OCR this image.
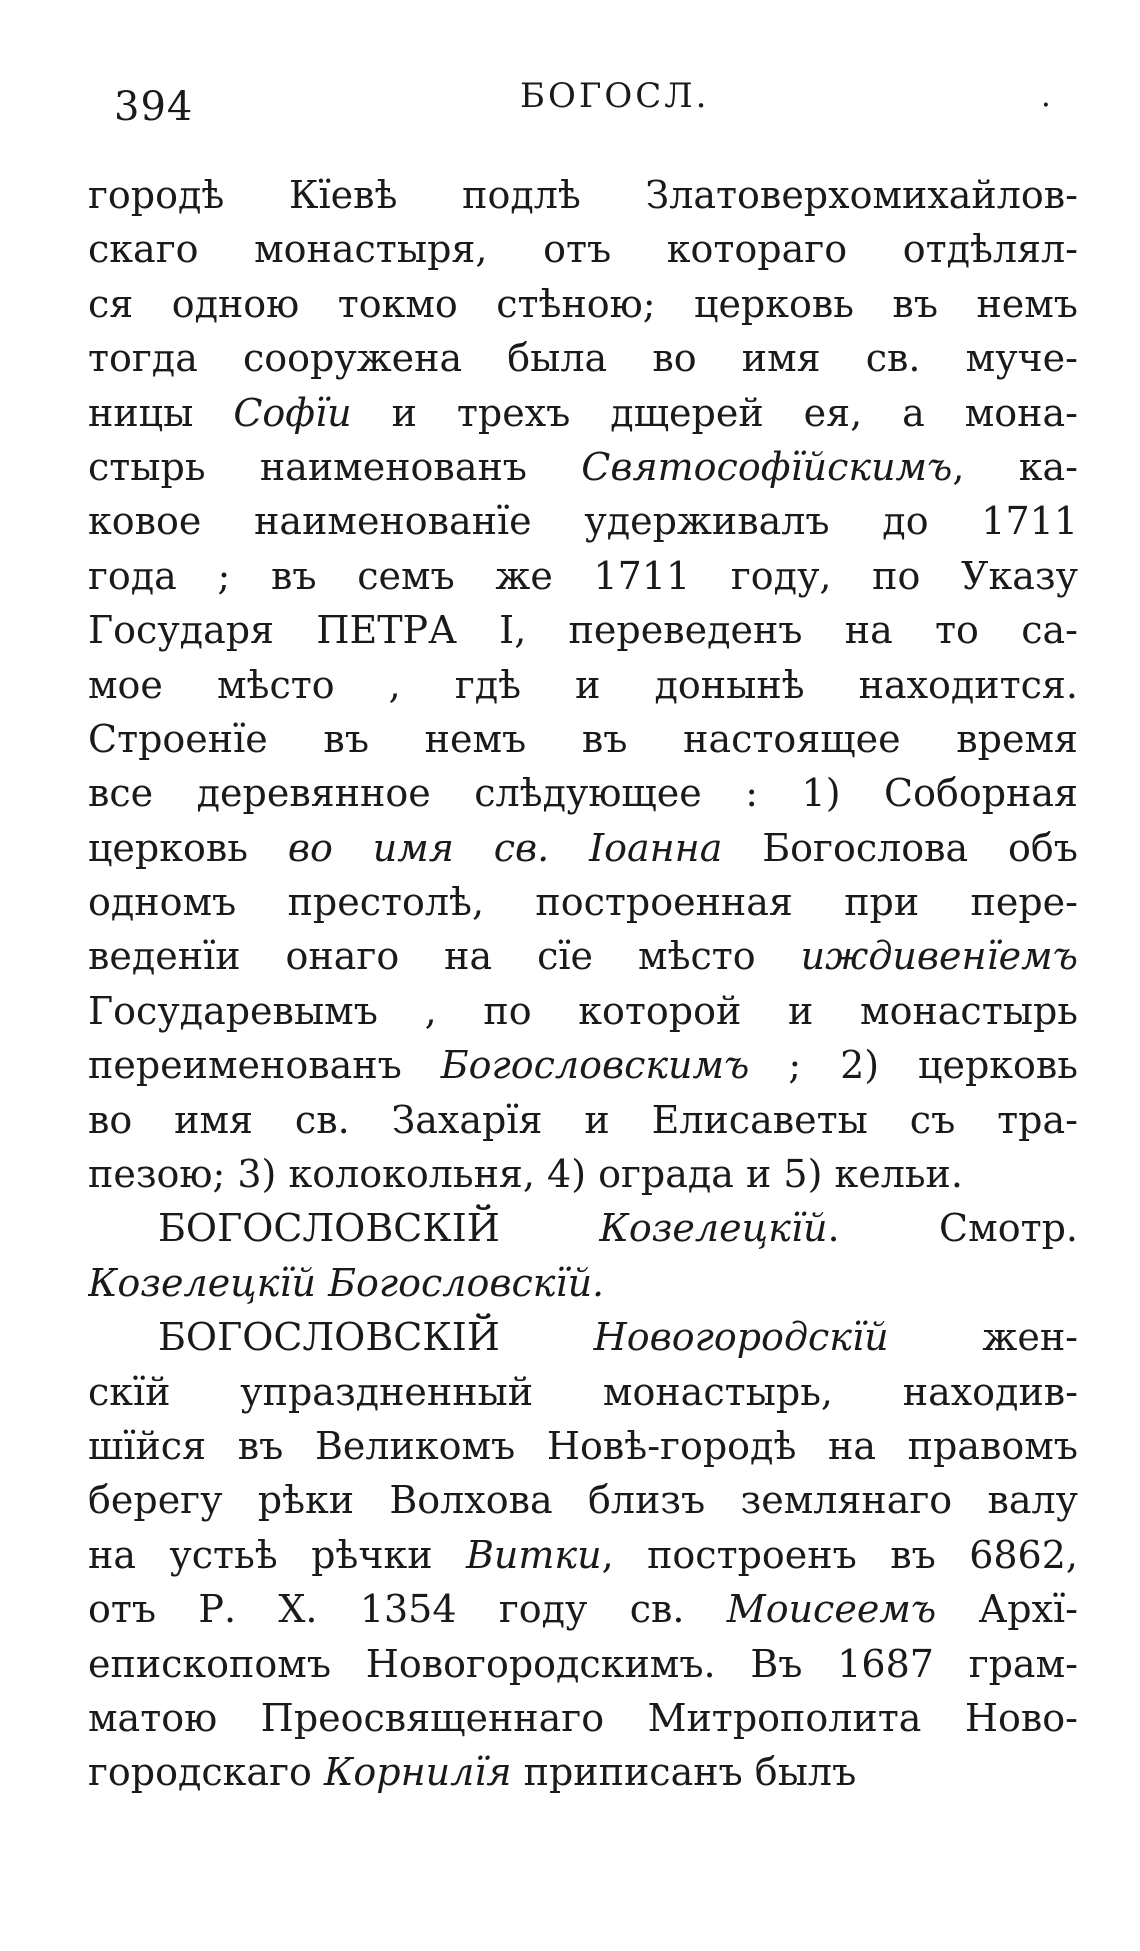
394	БОГОСЛ.	•
городѣ Кïевѣ подлѣ Златоверхомихайлов-
скаго монастыря, отъ котораго отдѣлял-
ся одною токмо стѣною; церковь въ немъ
тогда сооружена была во имя св. муче-
ницы Софïи и трехъ дщерей ея, а мона-
стырь наименованъ Святософïйскимъ, ка-
ковое наименованïе удерживалъ до 1711
года ; въ семъ же 1711 году, по Указу
Государя ПЕТРА I, переведенъ на то са-
мое мѣсто , гдѣ и донынѣ находится.
Строенïе въ немъ въ настоящее время
все деревянное слѣдующее : 1) Соборная
церковь во имя св. Iоанна Богослова объ
одномъ престолѣ, построенная при пере-
веденïи онаго на сïе мѣсто иждивенïемъ
Государевымъ , по которой и монастырь
переименованъ Богословскимъ ; 2) церковь
во имя св. Захарïя и Елисаветы съ тра-
пезою; 3) колокольня, 4) ограда и 5) кельи.
БОГОСЛОВСКIЙ Козелецкïй. Смотр.
Козелецкïй Богословскïй.
БОГОСЛОВСКIЙ Новогородскïй жен-
скïй упраздненный монастырь, находив-
шïйся въ Великомъ Новѣ-городѣ на правомъ
берегу рѣки Волхова близъ землянаго валу
на устьѣ рѣчки Витки, построенъ въ 6862,
отъ Р. Х. 1354 году св. Моисеемъ Архï-
епископомъ Новогородскимъ. Въ 1687 грам-
матою Преосвященнаго Митрополита Ново-
городскаго Корнилïя приписанъ былъ
